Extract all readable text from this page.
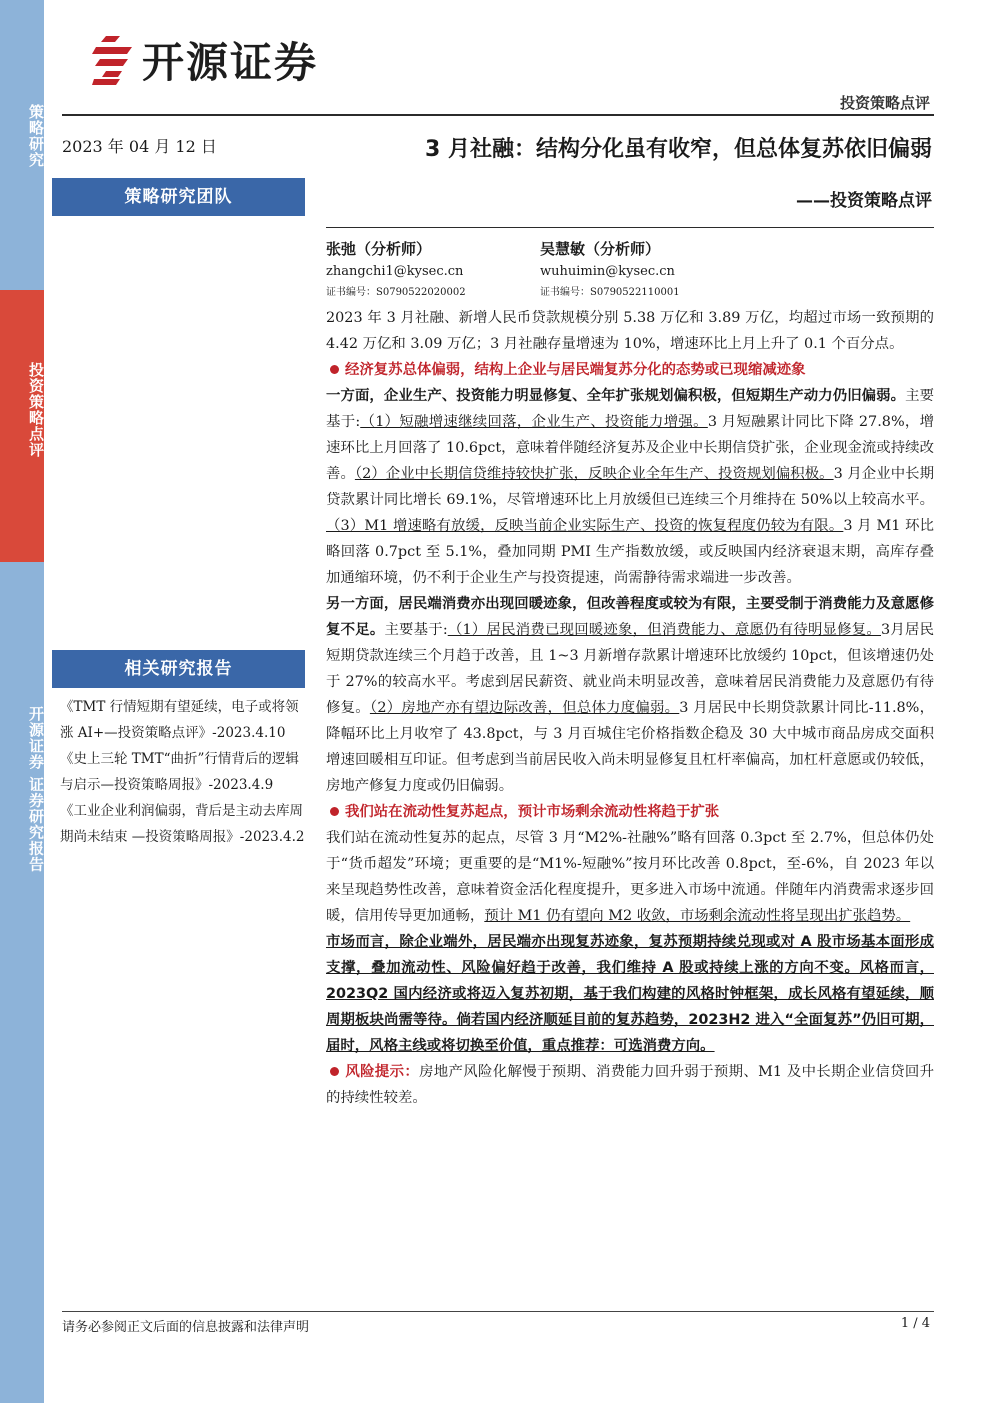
策略研究
投资策略点评
开源证券 证券研究报告
开源证券
投资策略点评
2023 年 04 月 12 日
策略研究团队
相关研究报告
《TMT 行情短期有望延续，电子或将领涨 AI+—投资策略点评》-2023.4.10
《史上三轮 TMT“曲折”行情背后的逻辑与启示—投资策略周报》-2023.4.9
《工业企业利润偏弱，背后是主动去库周期尚未结束 —投资策略周报》-2023.4.2
3 月社融：结构分化虽有收窄，但总体复苏依旧偏弱
——投资策略点评
张弛（分析师）
zhangchi1@kysec.cn
证书编号：S0790522020002
吴慧敏（分析师）
wuhuimin@kysec.cn
证书编号：S0790522110001

2023 年 3 月社融、新增人民币贷款规模分别 5.38 万亿和 3.89 万亿，均超过市场一致预期的 4.42 万亿和 3.09 万亿；3 月社融存量增速为 10%，增速环比上月上升了 0.1 个百分点。

经济复苏总体偏弱，结构上企业与居民端复苏分化的态势或已现缩减迹象

一方面，企业生产、投资能力明显修复、全年扩张规划偏积极，但短期生产动力仍旧偏弱。主要基于:（1）短融增速继续回落，企业生产、投资能力增强。3 月短融累计同比下降 27.8%，增速环比上月回落了 10.6pct，意味着伴随经济复苏及企业中长期信贷扩张，企业现金流或持续改善。（2）企业中长期信贷维持较快扩张，反映企业全年生产、投资规划偏积极。3 月企业中长期贷款累计同比增长 69.1%，尽管增速环比上月放缓但已连续三个月维持在 50%以上较高水平。（3）M1 增速略有放缓，反映当前企业实际生产、投资的恢复程度仍较为有限。3 月 M1 环比略回落 0.7pct 至 5.1%，叠加同期 PMI 生产指数放缓，或反映国内经济衰退末期，高库存叠加通缩环境，仍不利于企业生产与投资提速，尚需静待需求端进一步改善。

另一方面，居民端消费亦出现回暖迹象，但改善程度或较为有限，主要受制于消费能力及意愿修复不足。主要基于:（1）居民消费已现回暖迹象，但消费能力、意愿仍有待明显修复。3月居民短期贷款连续三个月趋于改善，且 1~3 月新增存款累计增速环比放缓约 10pct，但该增速仍处于 27%的较高水平。考虑到居民薪资、就业尚未明显改善，意味着居民消费能力及意愿仍有待修复。（2）房地产亦有望边际改善，但总体力度偏弱。3 月居民中长期贷款累计同比-11.8%，降幅环比上月收窄了 43.8pct，与 3 月百城住宅价格指数企稳及 30 大中城市商品房成交面积增速回暖相互印证。但考虑到当前居民收入尚未明显修复且杠杆率偏高，加杠杆意愿或仍较低，房地产修复力度或仍旧偏弱。

我们站在流动性复苏起点，预计市场剩余流动性将趋于扩张

我们站在流动性复苏的起点，尽管 3 月“M2%-社融%”略有回落 0.3pct 至 2.7%，但总体仍处于“货币超发”环境；更重要的是“M1%-短融%”按月环比改善 0.8pct，至-6%，自 2023 年以来呈现趋势性改善，意味着资金活化程度提升，更多进入市场中流通。伴随年内消费需求逐步回暖，信用传导更加通畅，预计 M1 仍有望向 M2 收敛，市场剩余流动性将呈现出扩张趋势。

市场而言，除企业端外，居民端亦出现复苏迹象，复苏预期持续兑现或对 A 股市场基本面形成支撑，叠加流动性、风险偏好趋于改善，我们维持 A 股或持续上涨的方向不变。风格而言，2023Q2 国内经济或将迈入复苏初期，基于我们构建的风格时钟框架，成长风格有望延续，顺周期板块尚需等待。倘若国内经济顺延目前的复苏趋势，2023H2 进入“全面复苏”仍旧可期，届时，风格主线或将切换至价值，重点推荐：可选消费方向。

风险提示：房地产风险化解慢于预期、消费能力回升弱于预期、M1 及中长期企业信贷回升的持续性较差。

请务必参阅正文后面的信息披露和法律声明	1 / 4
